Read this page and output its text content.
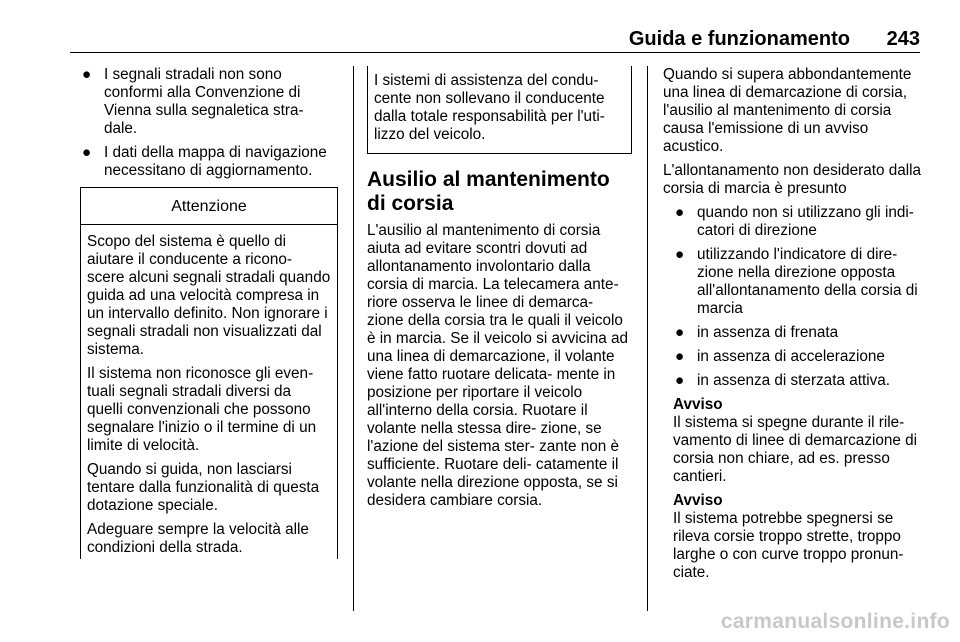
Guida e funzionamento 243
● I segnali stradali non sono conformi alla Convenzione di Vienna sulla segnaletica stra- dale.
● I dati della mappa di navigazione necessitano di aggiornamento.
Attenzione

Scopo del sistema è quello di aiutare il conducente a ricono- scere alcuni segnali stradali quando guida ad una velocità compresa in un intervallo definito. Non ignorare i segnali stradali non visualizzati dal sistema.

Il sistema non riconosce gli even- tuali segnali stradali diversi da quelli convenzionali che possono segnalare l'inizio o il termine di un limite di velocità.

Quando si guida, non lasciarsi tentare dalla funzionalità di questa dotazione speciale.

Adeguare sempre la velocità alle condizioni della strada.

I sistemi di assistenza del condu- cente non sollevano il conducente dalla totale responsabilità per l'uti- lizzo del veicolo.
Ausilio al mantenimento di corsia

L'ausilio al mantenimento di corsia aiuta ad evitare scontri dovuti ad allontanamento involontario dalla corsia di marcia. La telecamera ante- riore osserva le linee di demarca- zione della corsia tra le quali il veicolo è in marcia. Se il veicolo si avvicina ad una linea di demarcazione, il volante viene fatto ruotare delicata- mente in posizione per riportare il veicolo all'interno della corsia. Ruotare il volante nella stessa dire- zione, se l'azione del sistema ster- zante non è sufficiente. Ruotare deli- catamente il volante nella direzione opposta, se si desidera cambiare corsia.

Quando si supera abbondantemente una linea di demarcazione di corsia, l'ausilio al mantenimento di corsia causa l'emissione di un avviso acustico.

L'allontanamento non desiderato dalla corsia di marcia è presunto

● quando non si utilizzano gli indi- catori di direzione
● utilizzando l'indicatore di dire- zione nella direzione opposta all'allontanamento della corsia di marcia
● in assenza di frenata
● in assenza di accelerazione
● in assenza di sterzata attiva.
Avviso

Il sistema si spegne durante il rile- vamento di linee di demarcazione di corsia non chiare, ad es. presso cantieri.

Avviso

Il sistema potrebbe spegnersi se rileva corsie troppo strette, troppo larghe o con curve troppo pronun- ciate.

carmanualsonline.info
